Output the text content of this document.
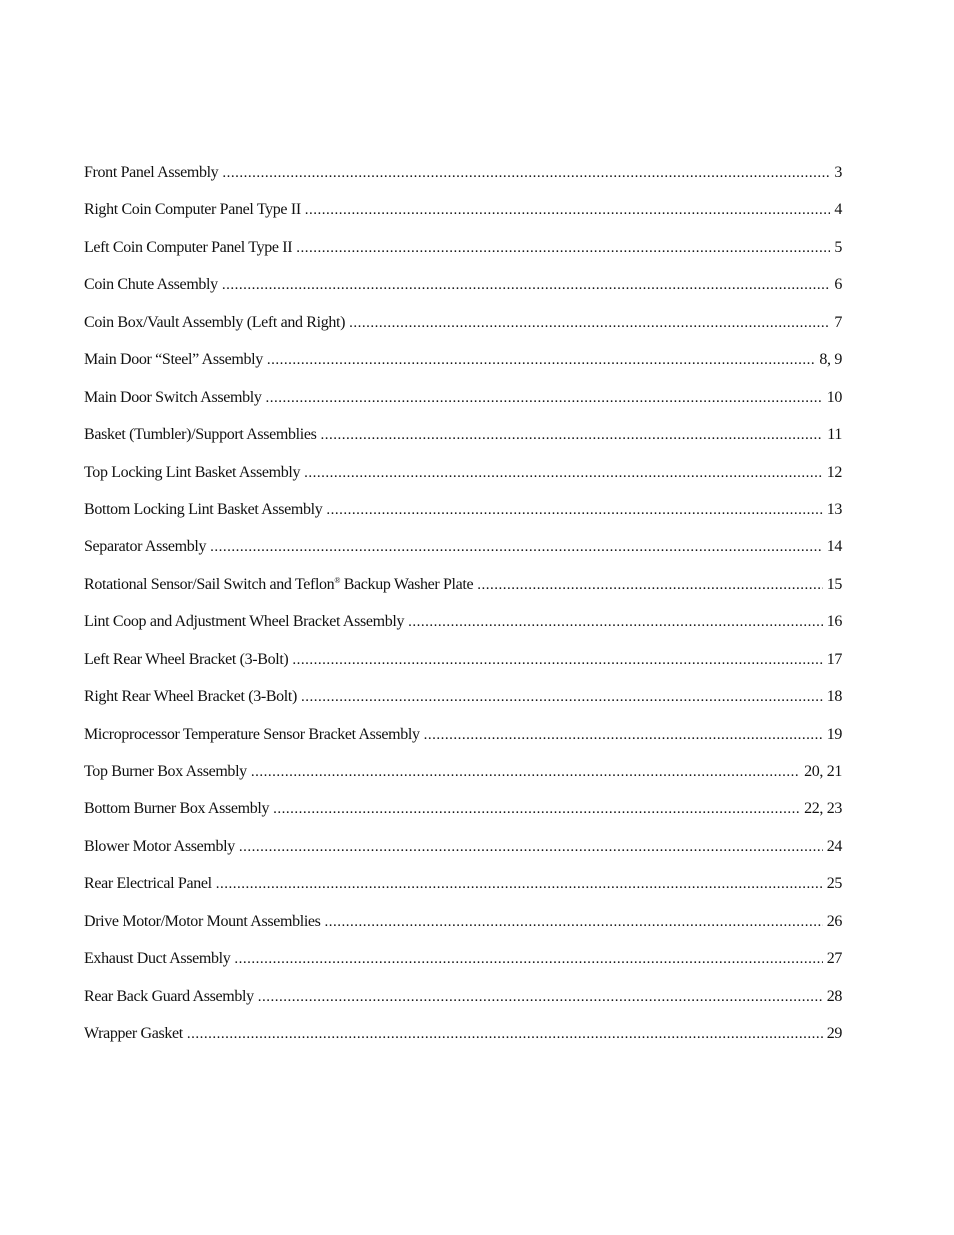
Front Panel Assembly .....	3
Right Coin Computer Panel Type II .....	4
Left Coin Computer Panel Type II .....	5
Coin Chute Assembly .....	6
Coin Box/Vault Assembly (Left and Right) .....	7
Main Door “Steel” Assembly .....	8, 9
Main Door Switch Assembly .....	10
Basket (Tumbler)/Support Assemblies .....	11
Top Locking Lint Basket Assembly .....	12
Bottom Locking Lint Basket Assembly .....	13
Separator Assembly .....	14
Rotational Sensor/Sail Switch and Teflon® Backup Washer Plate .....	15
Lint Coop and Adjustment Wheel Bracket Assembly .....	16
Left Rear Wheel Bracket (3-Bolt) .....	17
Right Rear Wheel Bracket (3-Bolt) .....	18
Microprocessor Temperature Sensor Bracket Assembly .....	19
Top Burner Box Assembly .....	20, 21
Bottom Burner Box Assembly .....	22, 23
Blower Motor Assembly .....	24
Rear Electrical Panel .....	25
Drive Motor/Motor Mount Assemblies .....	26
Exhaust Duct Assembly .....	27
Rear Back Guard Assembly .....	28
Wrapper Gasket .....	29
